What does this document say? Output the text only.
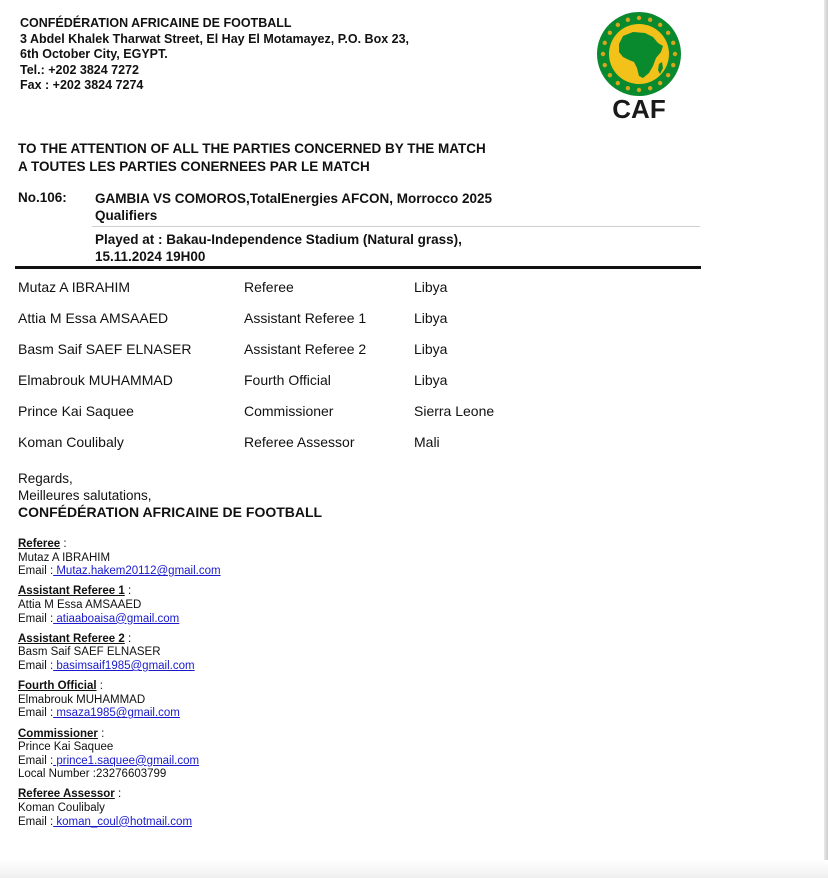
CONFÉDÉRATION AFRICAINE DE FOOTBALL
3 Abdel Khalek Tharwat Street, El Hay El Motamayez, P.O. Box 23,
6th October City, EGYPT.
Tel.: +202 3824 7272
Fax : +202 3824 7274
CAF
TO THE ATTENTION OF ALL THE PARTIES CONCERNED BY THE MATCH
A TOUTES LES PARTIES CONERNEES PAR LE MATCH
No.106: GAMBIA VS COMOROS,TotalEnergies AFCON, Morrocco 2025 Qualifiers
Played at : Bakau-Independence Stadium (Natural grass), 15.11.2024 19H00
Mutaz A IBRAHIM	Referee	Libya
Attia M Essa AMSAAED	Assistant Referee 1	Libya
Basm Saif SAEF ELNASER	Assistant Referee 2	Libya
Elmabrouk MUHAMMAD	Fourth Official	Libya
Prince Kai Saquee	Commissioner	Sierra Leone
Koman Coulibaly	Referee Assessor	Mali
Regards,
Meilleures salutations,
CONFÉDÉRATION AFRICAINE DE FOOTBALL
Referee :
Mutaz A IBRAHIM
Email : Mutaz.hakem20112@gmail.com
Assistant Referee 1 :
Attia M Essa AMSAAED
Email : atiaaboaisa@gmail.com
Assistant Referee 2 :
Basm Saif SAEF ELNASER
Email : basimsaif1985@gmail.com
Fourth Official :
Elmabrouk MUHAMMAD
Email : msaza1985@gmail.com
Commissioner :
Prince Kai Saquee
Email : prince1.saquee@gmail.com
Local Number :23276603799
Referee Assessor :
Koman Coulibaly
Email : koman_coul@hotmail.com
